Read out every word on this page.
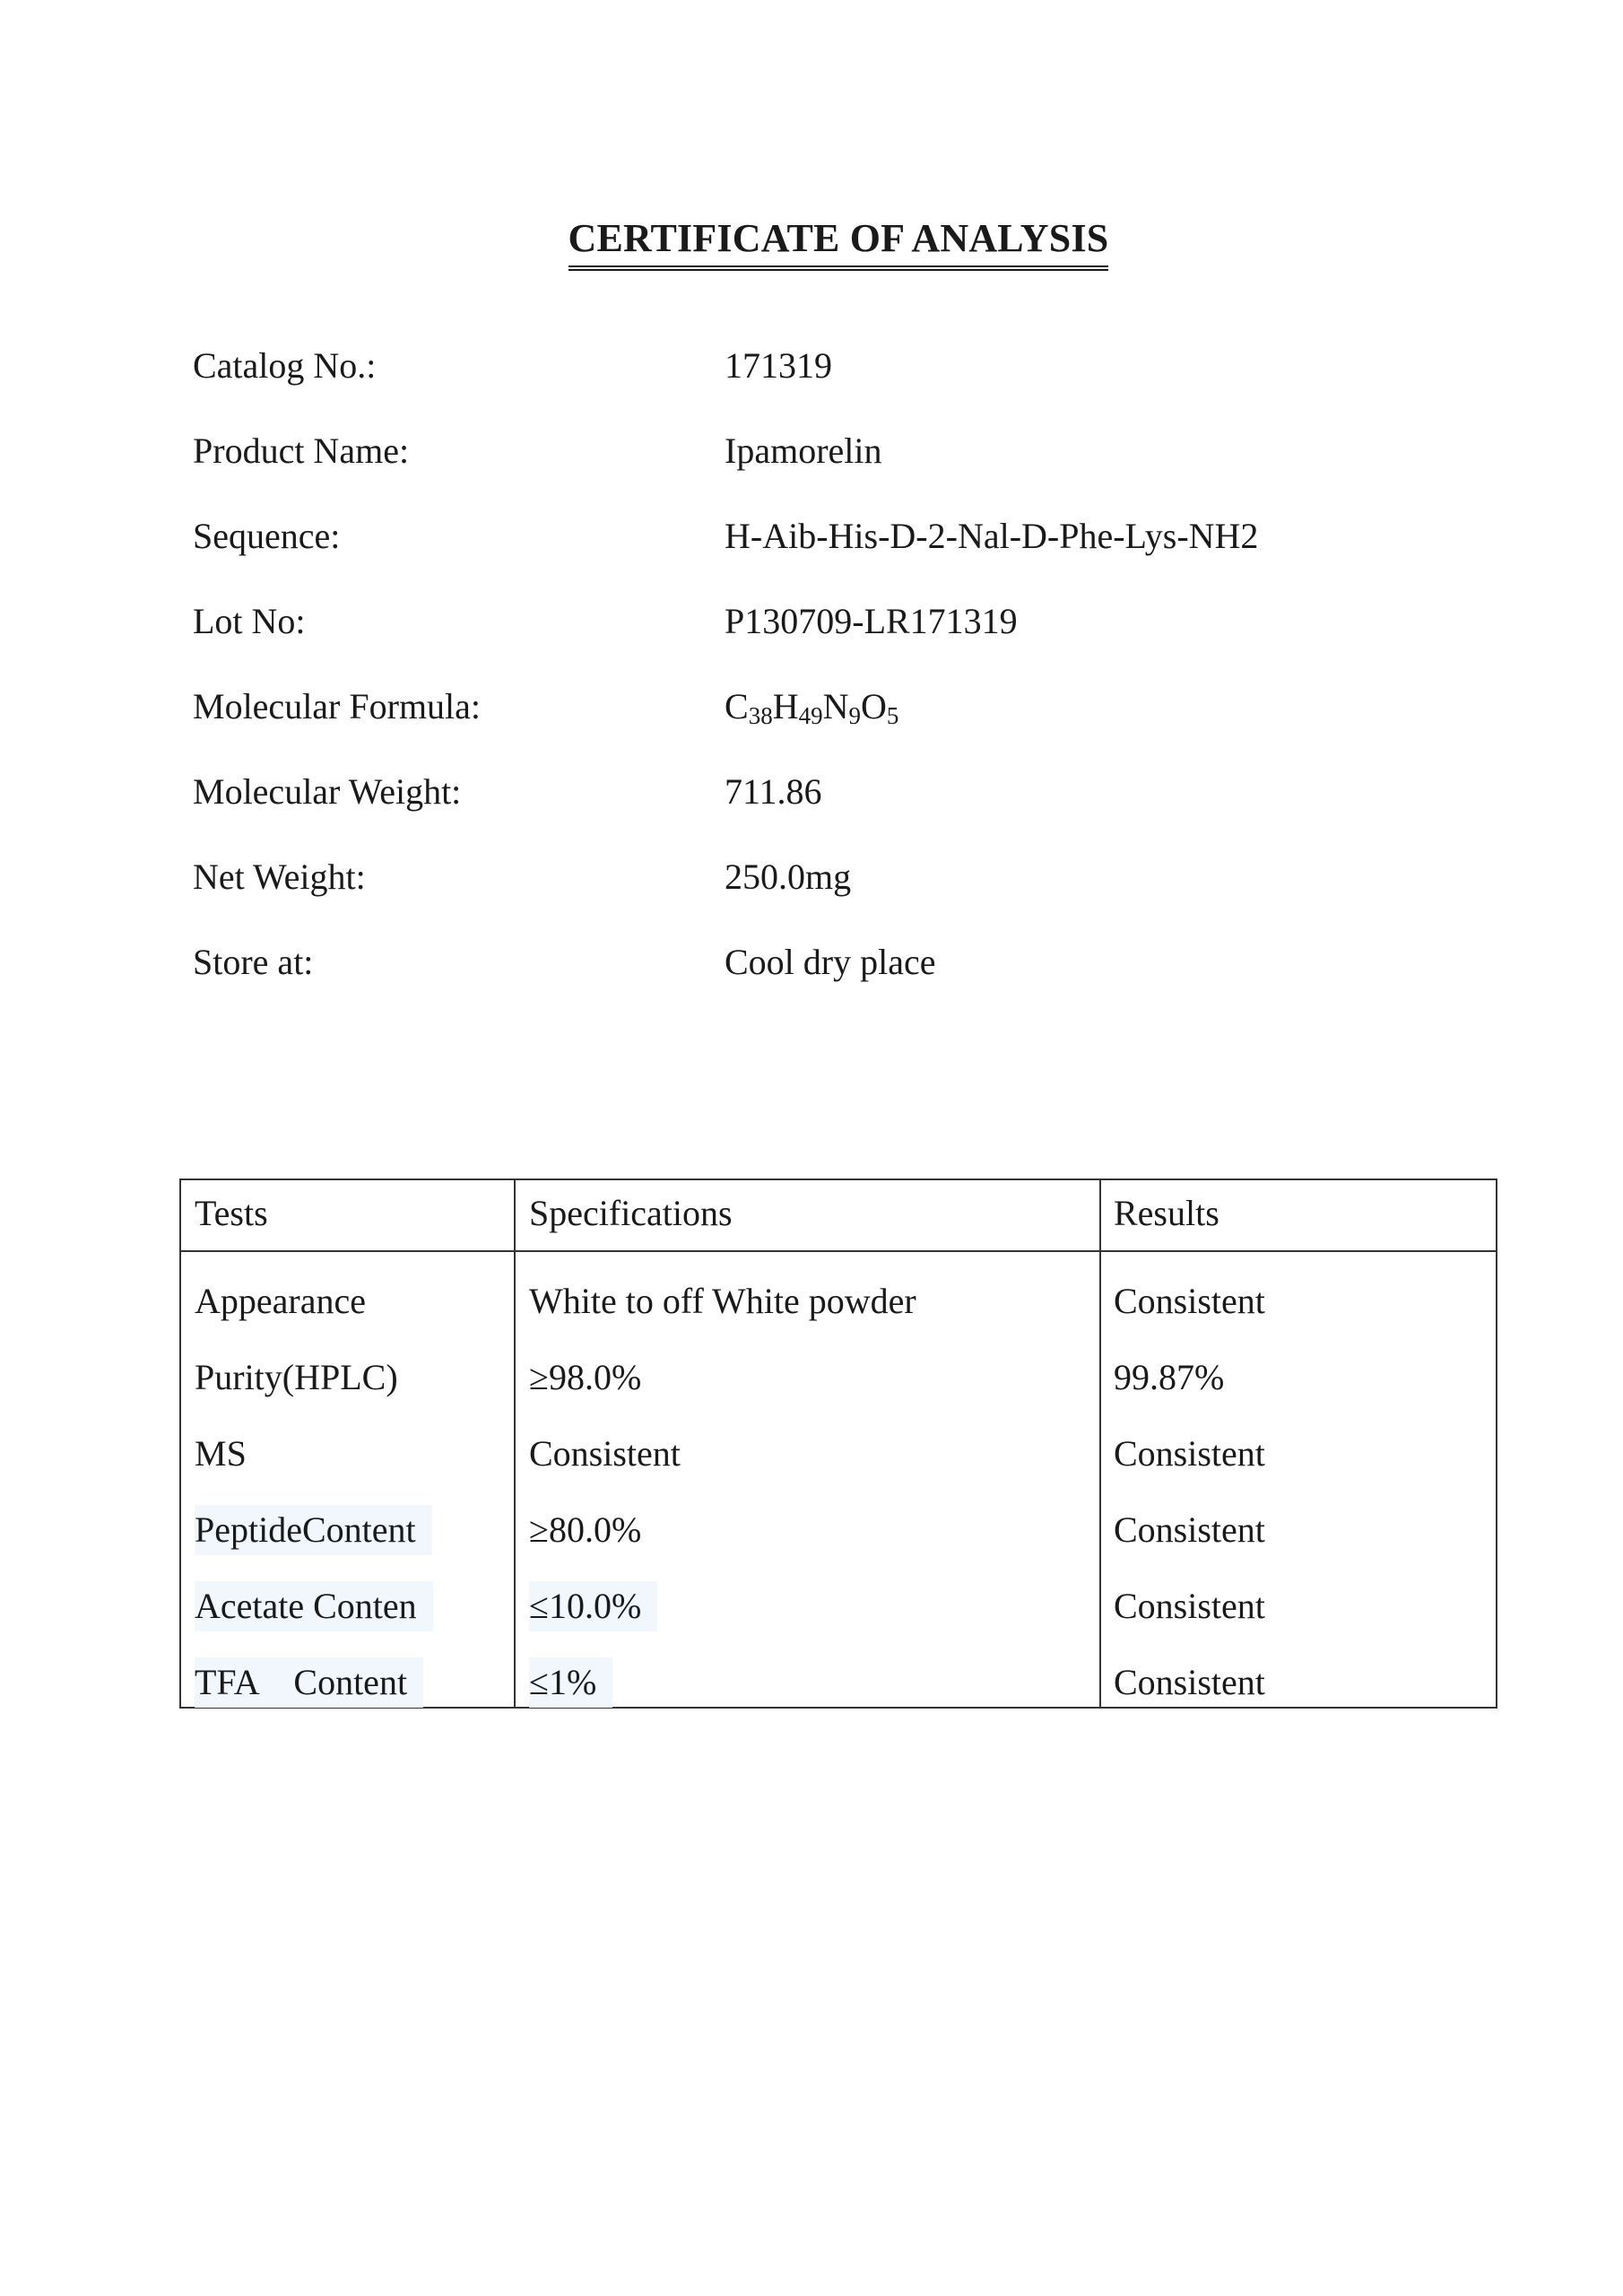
CERTIFICATE OF ANALYSIS
Catalog No.:	171319
Product Name:	Ipamorelin
Sequence:	H-Aib-His-D-2-Nal-D-Phe-Lys-NH2
Lot No:	P130709-LR171319
Molecular Formula:	$C_{38}H_{49}N_9O_5$
Molecular Weight:	711.86
Net Weight:	250.0mg
Store at:	Cool dry place
Tests	Specifications	Results
Appearance	White to off White powder	Consistent
Purity(HPLC)	≥98.0%	99.87%
MS	Consistent	Consistent
PeptideContent	≥80.0%	Consistent
Acetate Conten	≤10.0%	Consistent
TFA    Content	≤1%	Consistent
